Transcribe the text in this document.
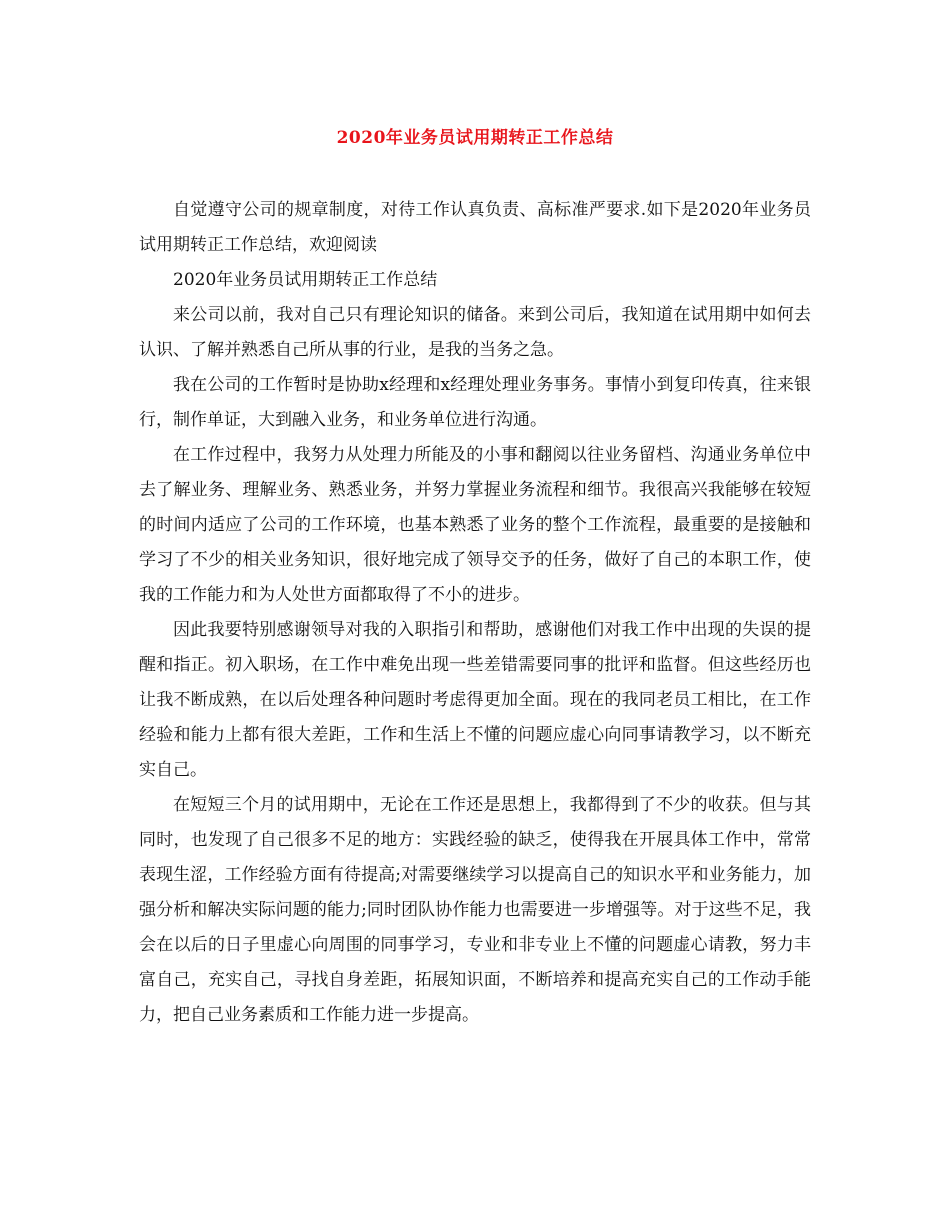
2020年业务员试用期转正工作总结

自觉遵守公司的规章制度，对待工作认真负责、高标准严要求.如下是2020年业务员试用期转正工作总结，欢迎阅读

2020年业务员试用期转正工作总结

来公司以前，我对自己只有理论知识的储备。来到公司后，我知道在试用期中如何去认识、了解并熟悉自己所从事的行业，是我的当务之急。

我在公司的工作暂时是协助x经理和x经理处理业务事务。事情小到复印传真，往来银行，制作单证，大到融入业务，和业务单位进行沟通。

在工作过程中，我努力从处理力所能及的小事和翻阅以往业务留档、沟通业务单位中去了解业务、理解业务、熟悉业务，并努力掌握业务流程和细节。我很高兴我能够在较短的时间内适应了公司的工作环境，也基本熟悉了业务的整个工作流程，最重要的是接触和学习了不少的相关业务知识，很好地完成了领导交予的任务，做好了自己的本职工作，使我的工作能力和为人处世方面都取得了不小的进步。

因此我要特别感谢领导对我的入职指引和帮助，感谢他们对我工作中出现的失误的提醒和指正。初入职场，在工作中难免出现一些差错需要同事的批评和监督。但这些经历也让我不断成熟，在以后处理各种问题时考虑得更加全面。现在的我同老员工相比，在工作经验和能力上都有很大差距，工作和生活上不懂的问题应虚心向同事请教学习，以不断充实自己。

在短短三个月的试用期中，无论在工作还是思想上，我都得到了不少的收获。但与其同时，也发现了自己很多不足的地方：实践经验的缺乏，使得我在开展具体工作中，常常表现生涩，工作经验方面有待提高;对需要继续学习以提高自己的知识水平和业务能力，加强分析和解决实际问题的能力;同时团队协作能力也需要进一步增强等。对于这些不足，我会在以后的日子里虚心向周围的同事学习，专业和非专业上不懂的问题虚心请教，努力丰富自己，充实自己，寻找自身差距，拓展知识面，不断培养和提高充实自己的工作动手能力，把自己业务素质和工作能力进一步提高。
